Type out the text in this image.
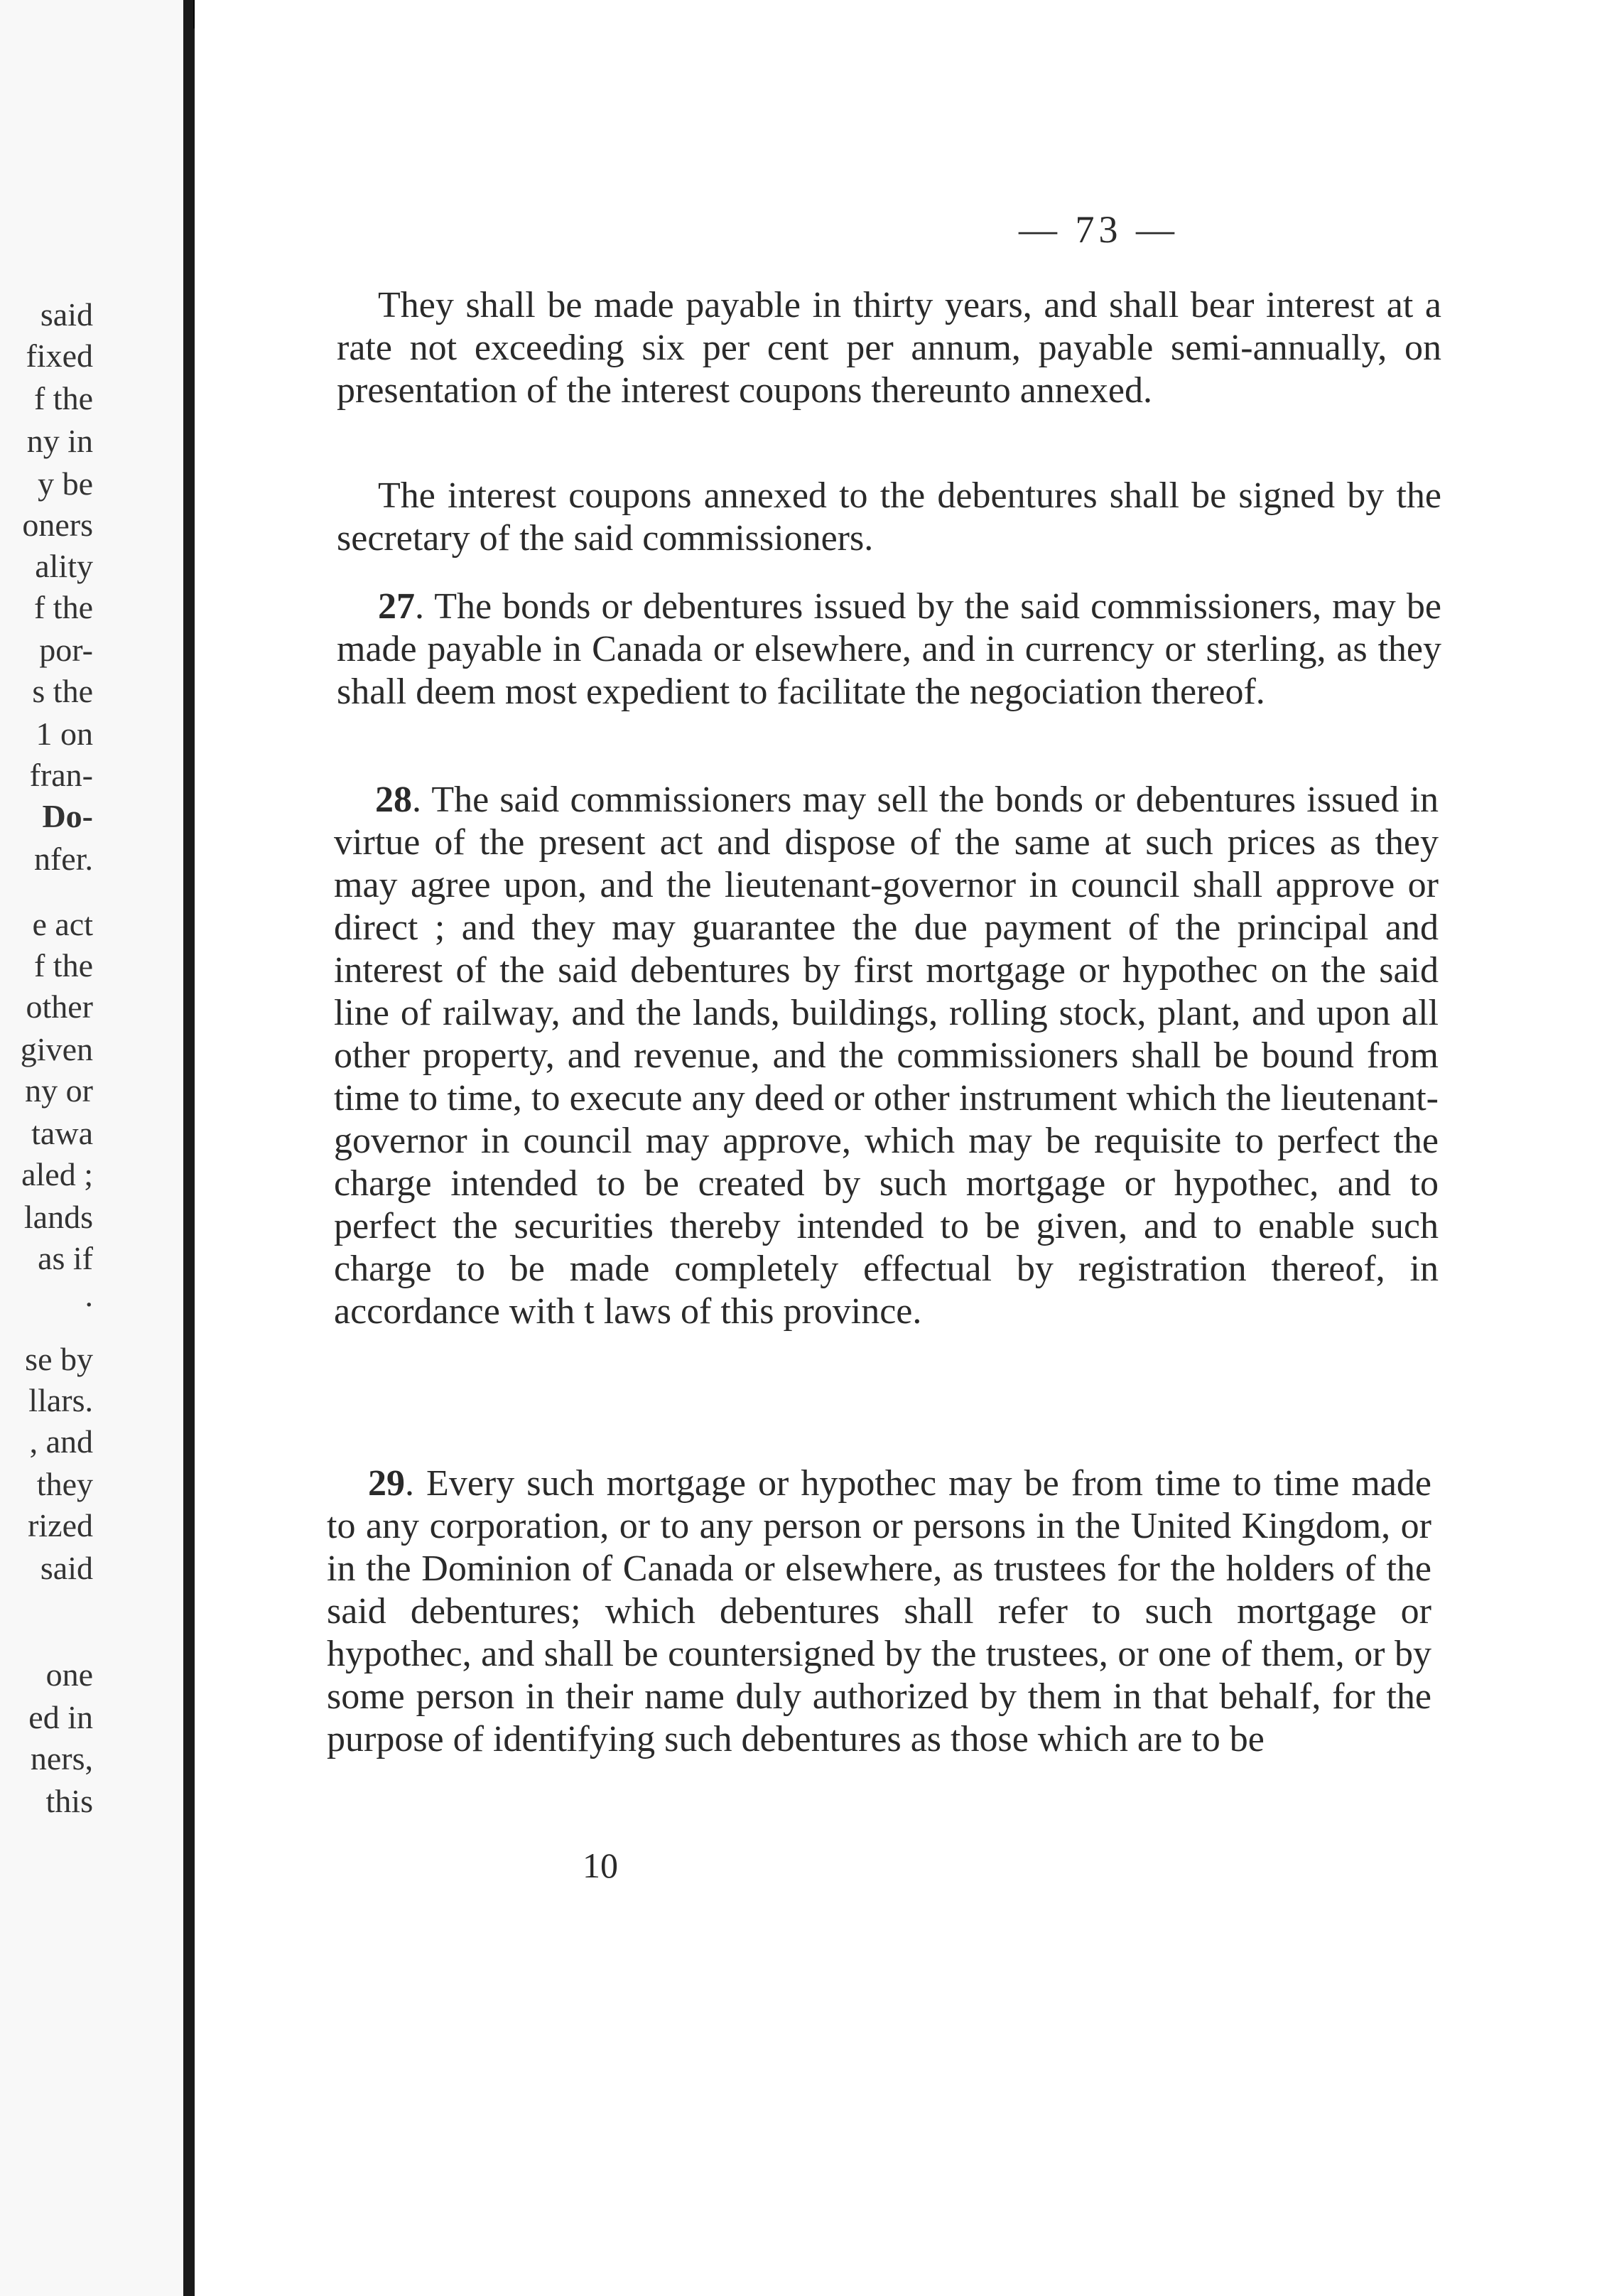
said
fixed
f the
ny in
y be
oners
ality
f the
por-
s the
1 on
fran-
Do-
nfer.
e act
f the
other
given
ny or
tawa
aled ;
lands
as if
.
se by
llars.
, and
they
rized
said
one
ed in
ners,
this
— 73 —

They shall be made payable in thirty years, and shall bear interest at a rate not exceeding six per cent per annum, payable semi-annually, on presentation of the interest coupons thereunto annexed.

The interest coupons annexed to the debentures shall be signed by the secretary of the said commissioners.

27. The bonds or debentures issued by the said commissioners, may be made payable in Canada or elsewhere, and in currency or sterling, as they shall deem most expedient to facilitate the negociation thereof.

28. The said commissioners may sell the bonds or debentures issued in virtue of the present act and dispose of the same at such prices as they may agree upon, and the lieutenant-governor in council shall approve or direct ; and they may guarantee the due payment of the principal and interest of the said debentures by first mortgage or hypothec on the said line of railway, and the lands, buildings, rolling stock, plant, and upon all other property, and revenue, and the commissioners shall be bound from time to time, to execute any deed or other instrument which the lieutenant-governor in council may approve, which may be requisite to perfect the charge intended to be created by such mortgage or hypothec, and to perfect the securities thereby intended to be given, and to enable such charge to be made completely effectual by registration thereof, in accordance with t laws of this province.

29. Every such mortgage or hypothec may be from time to time made to any corporation, or to any person or persons in the United Kingdom, or in the Dominion of Canada or elsewhere, as trustees for the holders of the said debentures; which debentures shall refer to such mortgage or hypothec, and shall be countersigned by the trustees, or one of them, or by some person in their name duly authorized by them in that behalf, for the purpose of identifying such debentures as those which are to be

10
